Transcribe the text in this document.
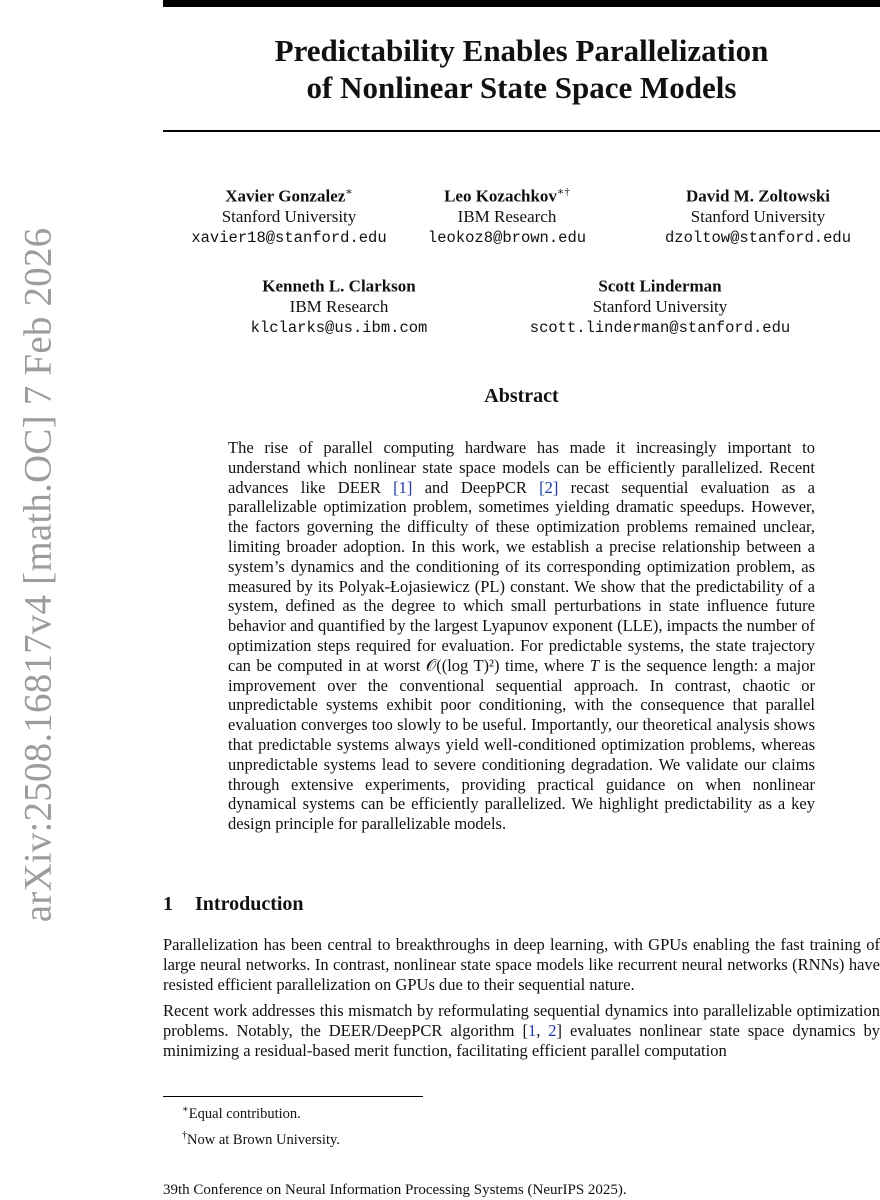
arXiv:2508.16817v4 [math.OC] 7 Feb 2026
Predictability Enables Parallelization
of Nonlinear State Space Models
Xavier Gonzalez∗
Stanford University
xavier18@stanford.edu
Leo Kozachkov∗†
IBM Research
leokoz8@brown.edu
David M. Zoltowski
Stanford University
dzoltow@stanford.edu
Kenneth L. Clarkson
IBM Research
klclarks@us.ibm.com
Scott Linderman
Stanford University
scott.linderman@stanford.edu
Abstract

The rise of parallel computing hardware has made it increasingly important to understand which nonlinear state space models can be efficiently parallelized. Recent advances like DEER [1] and DeepPCR [2] recast sequential evaluation as a parallelizable optimization problem, sometimes yielding dramatic speedups. However, the factors governing the difficulty of these optimization problems remained unclear, limiting broader adoption. In this work, we establish a precise relationship between a system’s dynamics and the conditioning of its corresponding optimization problem, as measured by its Polyak-Łojasiewicz (PL) constant. We show that the predictability of a system, defined as the degree to which small perturbations in state influence future behavior and quantified by the largest Lyapunov exponent (LLE), impacts the number of optimization steps required for evaluation. For predictable systems, the state trajectory can be computed in at worst 𝒪((log T)²) time, where T is the sequence length: a major improvement over the conventional sequential approach. In contrast, chaotic or unpredictable systems exhibit poor conditioning, with the consequence that parallel evaluation converges too slowly to be useful. Importantly, our theoretical analysis shows that predictable systems always yield well-conditioned optimization problems, whereas unpredictable systems lead to severe conditioning degradation. We validate our claims through extensive experiments, providing practical guidance on when nonlinear dynamical systems can be efficiently parallelized. We highlight predictability as a key design principle for parallelizable models.

1 Introduction

Parallelization has been central to breakthroughs in deep learning, with GPUs enabling the fast training of large neural networks. In contrast, nonlinear state space models like recurrent neural networks (RNNs) have resisted efficient parallelization on GPUs due to their sequential nature.

Recent work addresses this mismatch by reformulating sequential dynamics into parallelizable optimization problems. Notably, the DEER/DeepPCR algorithm [1, 2] evaluates nonlinear state space dynamics by minimizing a residual-based merit function, facilitating efficient parallel computation

∗Equal contribution.
†Now at Brown University.
39th Conference on Neural Information Processing Systems (NeurIPS 2025).
